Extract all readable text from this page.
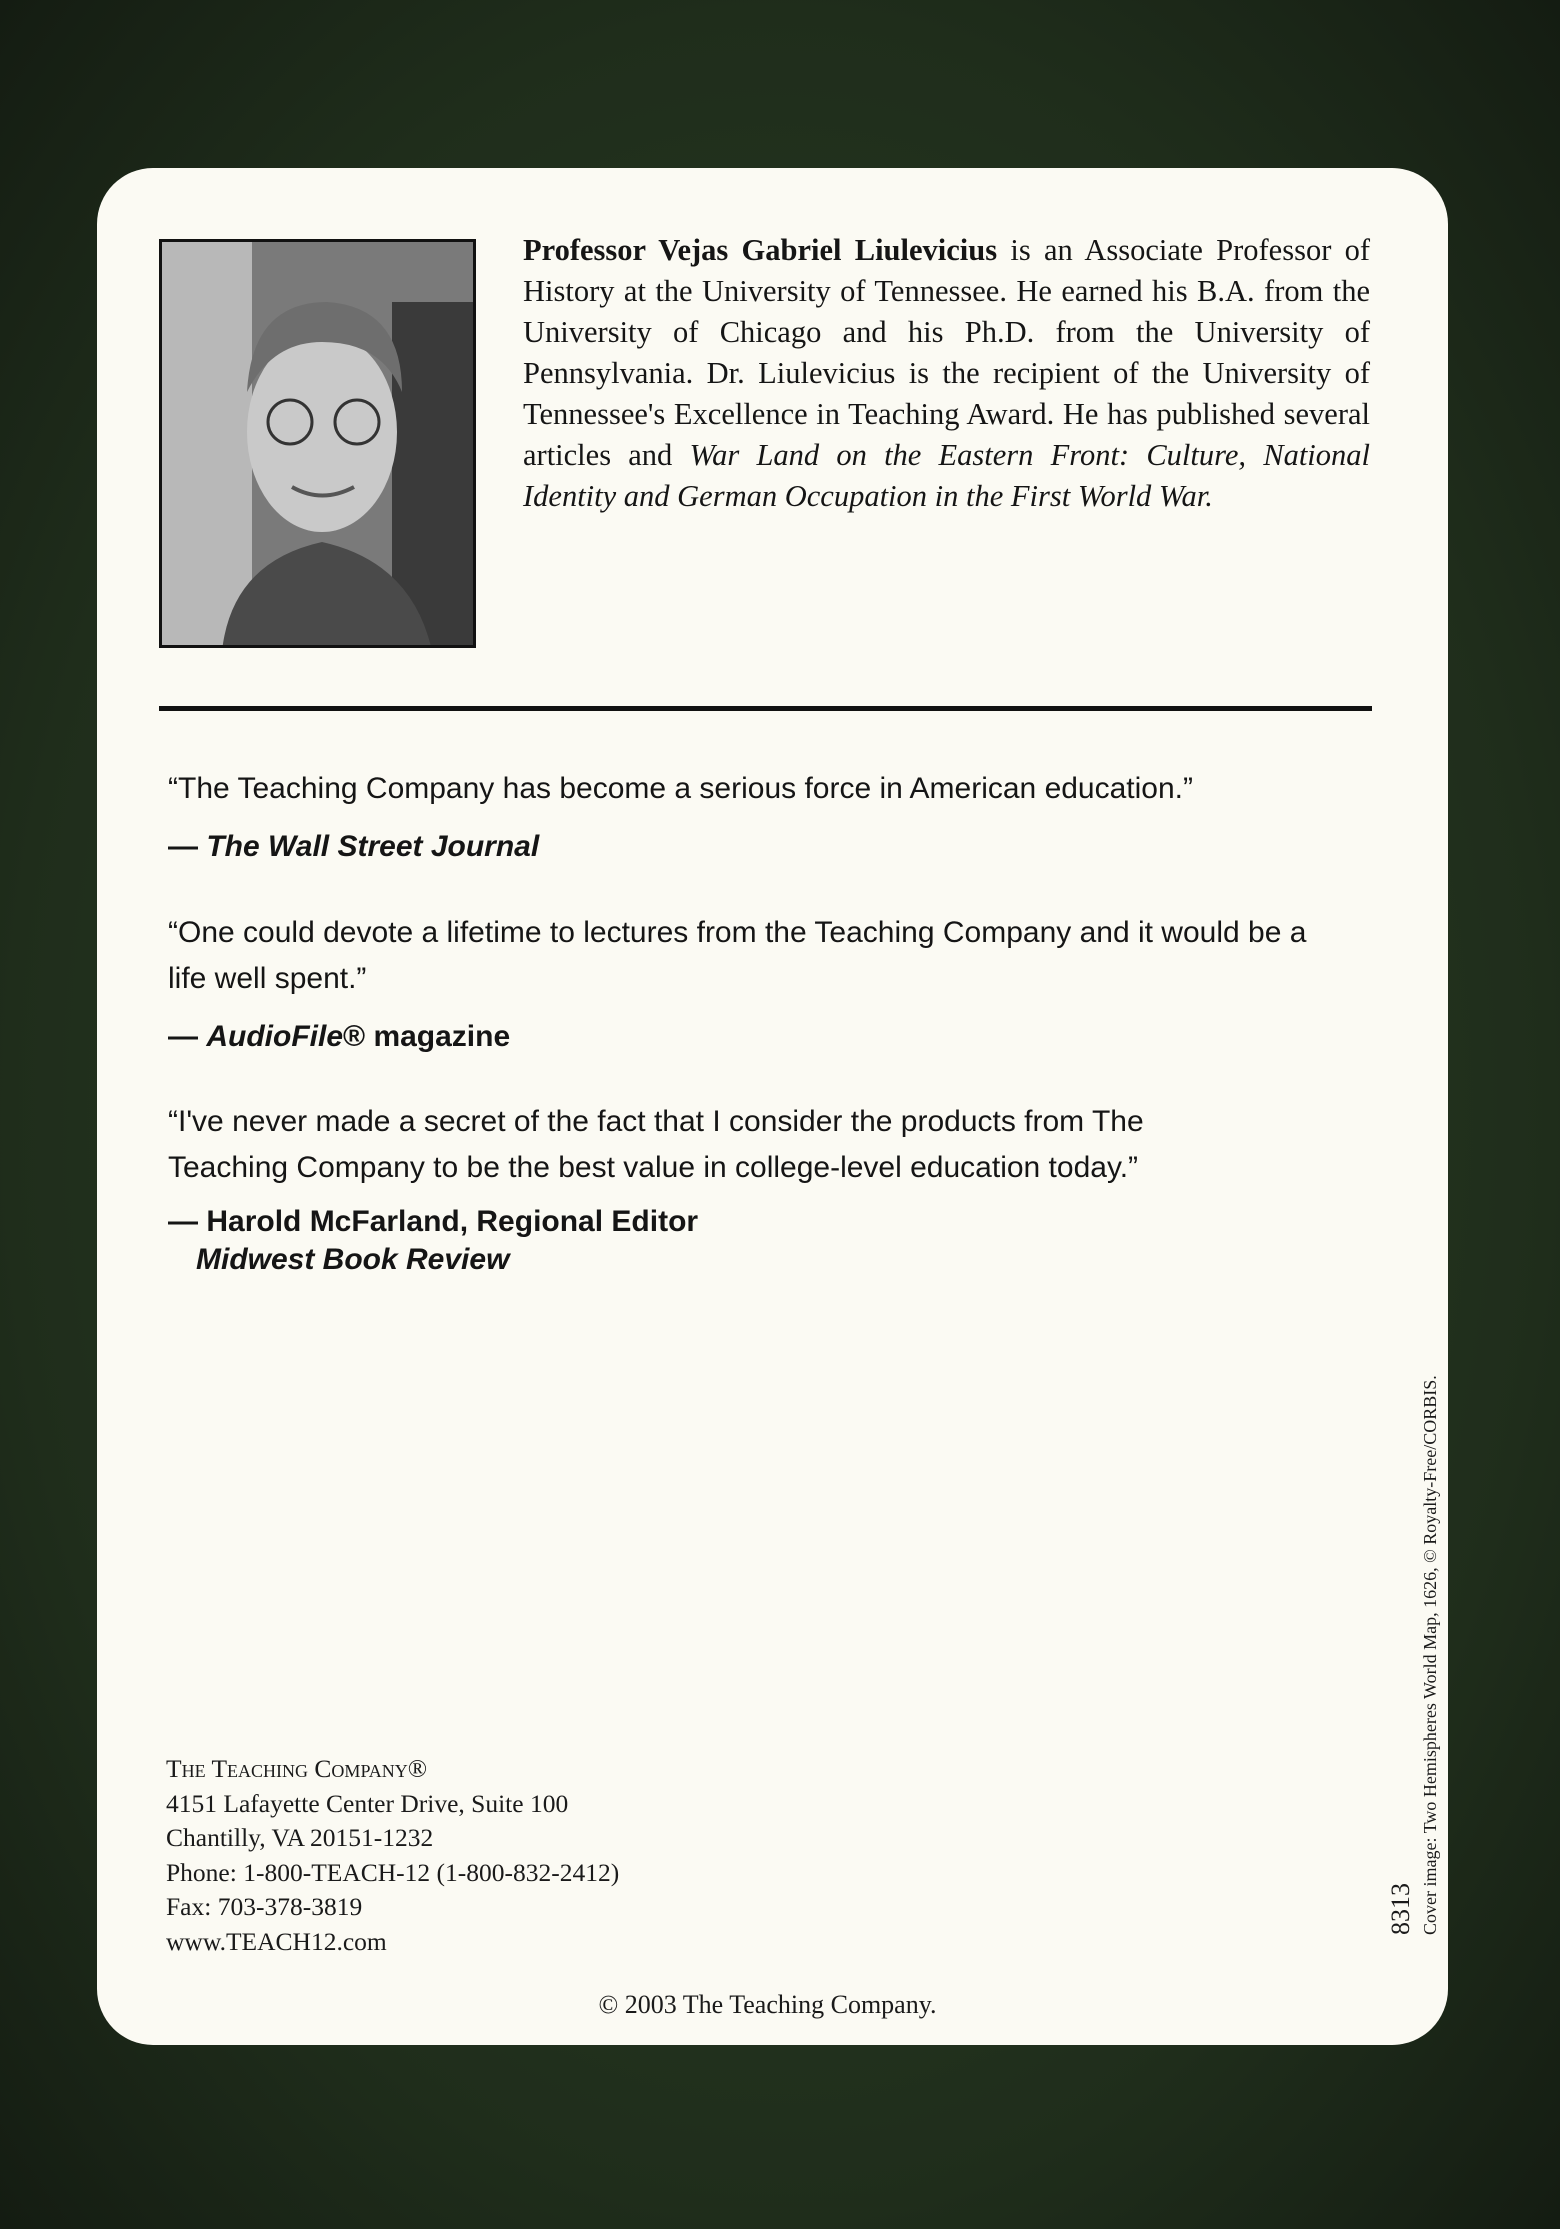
Professor Vejas Gabriel Liulevicius is an Associate Professor of History at the University of Tennessee. He earned his B.A. from the University of Chicago and his Ph.D. from the University of Pennsylvania. Dr. Liulevicius is the recipient of the University of Tennessee's Excellence in Teaching Award. He has published several articles and War Land on the Eastern Front: Culture, National Identity and German Occupation in the First World War.
“The Teaching Company has become a serious force in American education.”
— The Wall Street Journal
“One could devote a lifetime to lectures from the Teaching Company and it would be a life well spent.”
— AudioFile® magazine
“I've never made a secret of the fact that I consider the products from The Teaching Company to be the best value in college-level education today.”
— Harold McFarland, Regional Editor
Midwest Book Review
The Teaching Company®
4151 Lafayette Center Drive, Suite 100
Chantilly, VA 20151-1232
Phone: 1-800-TEACH-12 (1-800-832-2412)
Fax: 703-378-3819
www.TEACH12.com
© 2003 The Teaching Company.
8313 Cover image: Two Hemispheres World Map, 1626, © Royalty-Free/CORBIS.
